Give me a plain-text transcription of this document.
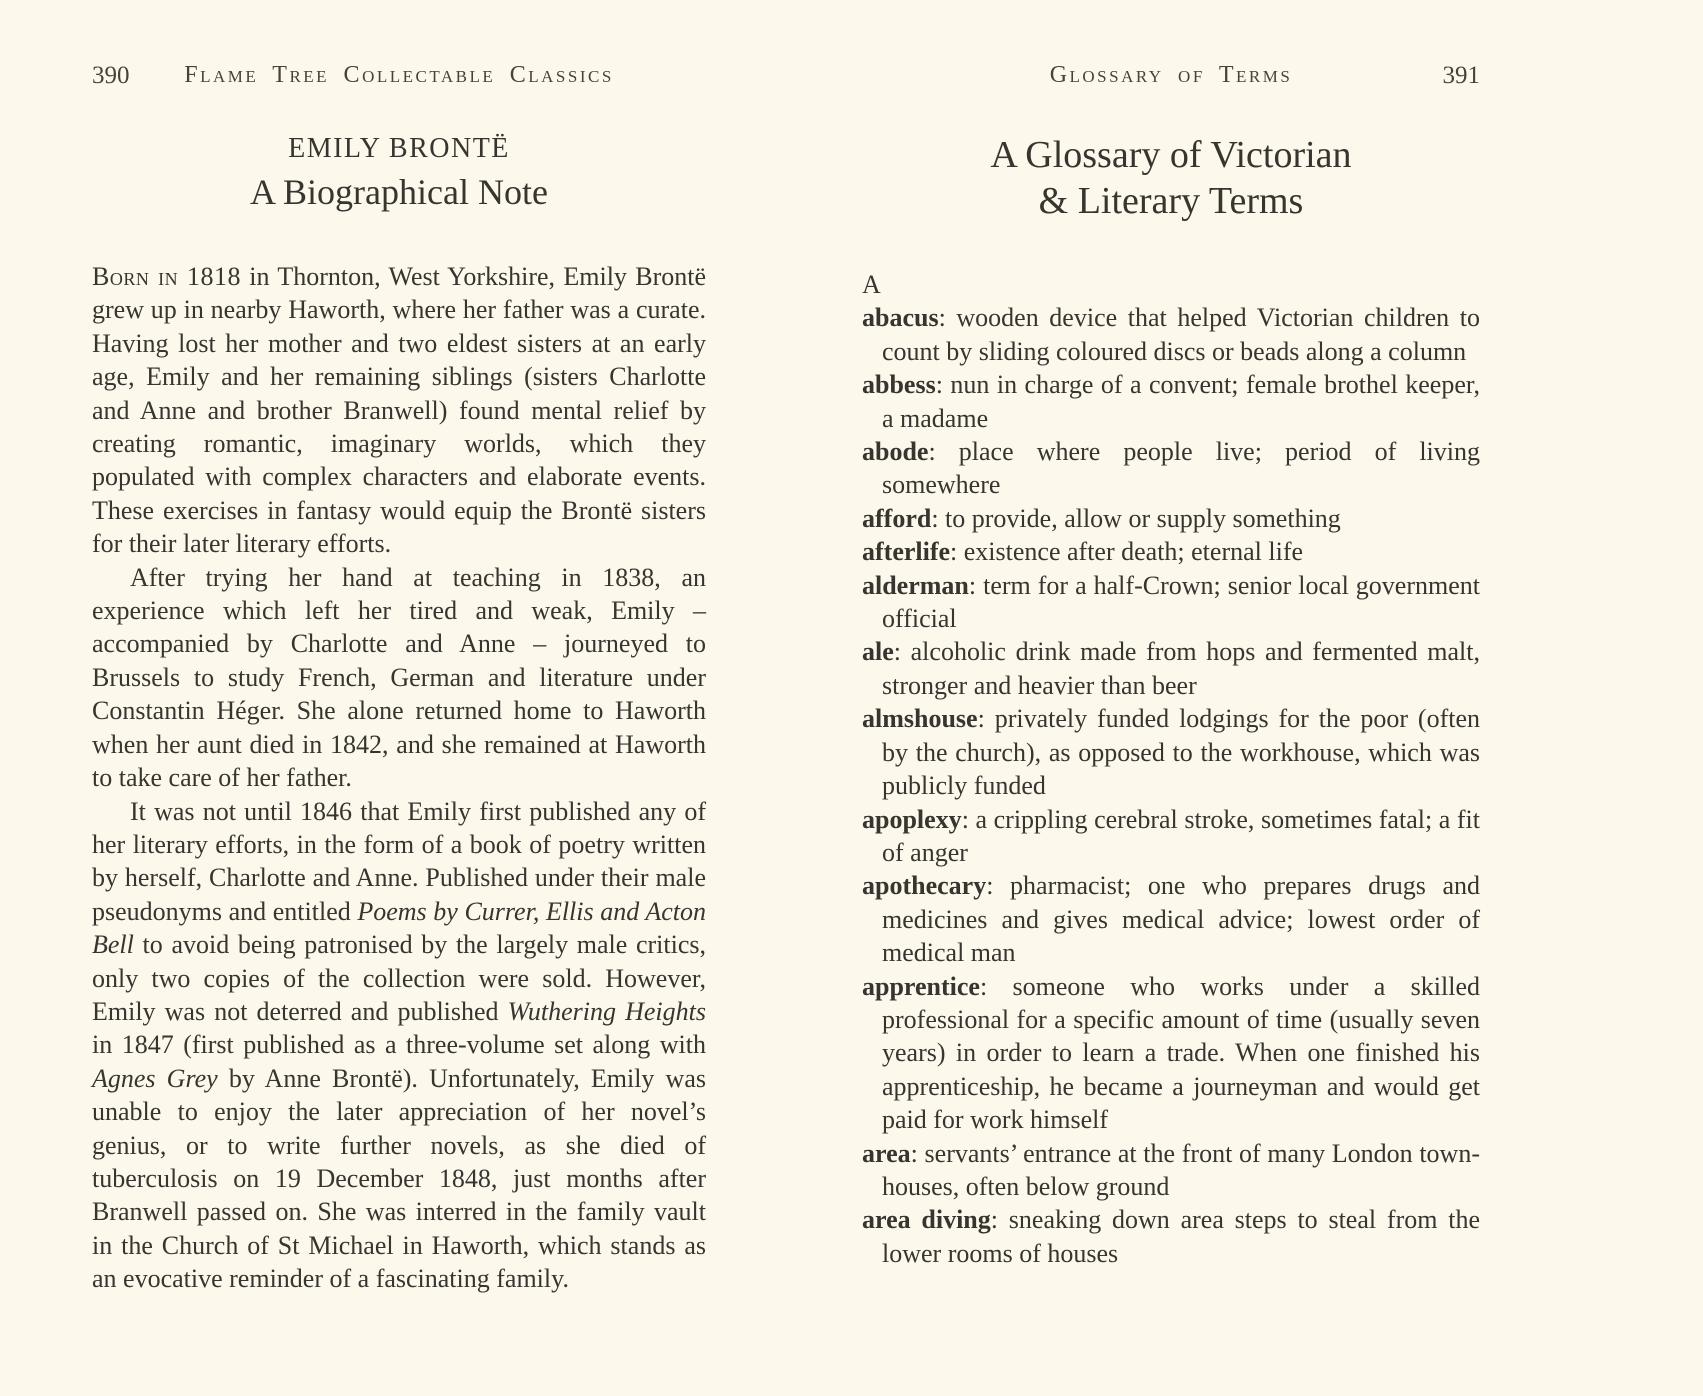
390 Flame Tree Collectable Classics
EMILY BRONTË
A Biographical Note

Born in 1818 in Thornton, West Yorkshire, Emily Brontë grew up in nearby Haworth, where her father was a curate. Having lost her mother and two eldest sisters at an early age, Emily and her remaining siblings (sisters Charlotte and Anne and brother Branwell) found mental relief by creating romantic, imaginary worlds, which they populated with complex characters and elaborate events. These exercises in fantasy would equip the Brontë sisters for their later literary efforts.

After trying her hand at teaching in 1838, an experience which left her tired and weak, Emily – accompanied by Charlotte and Anne – journeyed to Brussels to study French, German and literature under Constantin Héger. She alone returned home to Haworth when her aunt died in 1842, and she remained at Haworth to take care of her father.

It was not until 1846 that Emily first published any of her literary efforts, in the form of a book of poetry written by herself, Charlotte and Anne. Published under their male pseudonyms and entitled Poems by Currer, Ellis and Acton Bell to avoid being patronised by the largely male critics, only two copies of the collection were sold. However, Emily was not deterred and published Wuthering Heights in 1847 (first published as a three-volume set along with Agnes Grey by Anne Brontë). Unfortunately, Emily was unable to enjoy the later appreciation of her novel’s genius, or to write further novels, as she died of tuberculosis on 19 December 1848, just months after Branwell passed on. She was interred in the family vault in the Church of St Michael in Haworth, which stands as an evocative reminder of a fascinating family.

Glossary of Terms	391
A Glossary of Victorian
& Literary Terms
A
abacus: wooden device that helped Victorian children to count by sliding coloured discs or beads along a column
abbess: nun in charge of a convent; female brothel keeper, a madame
abode: place where people live; period of living somewhere
afford: to provide, allow or supply something
afterlife: existence after death; eternal life
alderman: term for a half-Crown; senior local government official
ale: alcoholic drink made from hops and fermented malt, stronger and heavier than beer
almshouse: privately funded lodgings for the poor (often by the church), as opposed to the workhouse, which was publicly funded
apoplexy: a crippling cerebral stroke, sometimes fatal; a fit of anger
apothecary: pharmacist; one who prepares drugs and medicines and gives medical advice; lowest order of medical man
apprentice: someone who works under a skilled professional for a specific amount of time (usually seven years) in order to learn a trade. When one finished his apprenticeship, he became a journeyman and would get paid for work himself
area: servants’ entrance at the front of many London town-houses, often below ground
area diving: sneaking down area steps to steal from the lower rooms of houses
